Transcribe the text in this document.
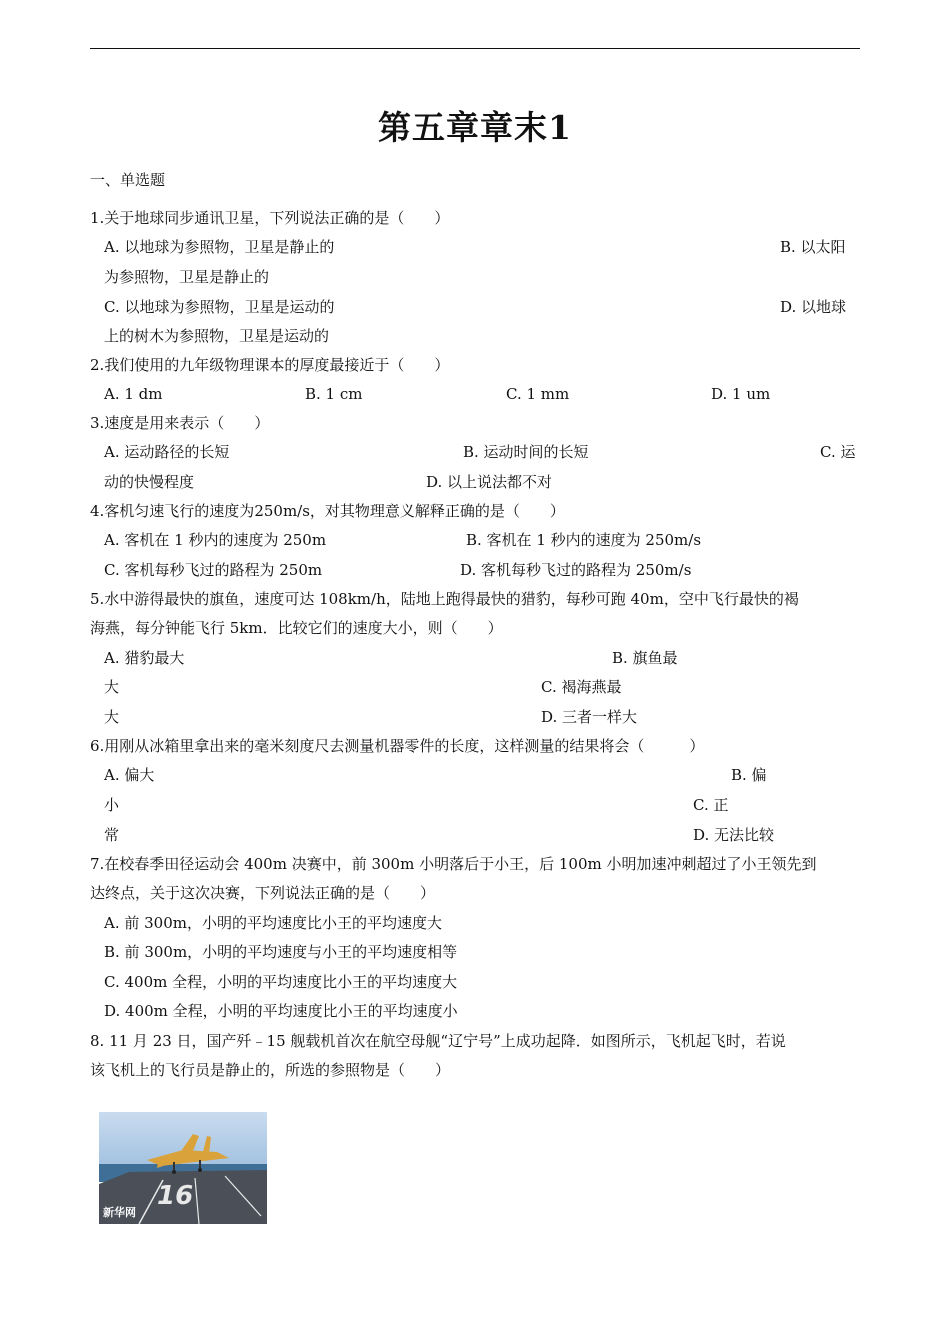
第五章章末1
一、单选题
1.关于地球同步通讯卫星，下列说法正确的是（　　）
A. 以地球为参照物，卫星是静止的	B. 以太阳
为参照物，卫星是静止的
C. 以地球为参照物，卫星是运动的	D. 以地球
上的树木为参照物，卫星是运动的
2.我们使用的九年级物理课本的厚度最接近于（　　）
A. 1 dm	B. 1 cm	C. 1 mm	D. 1 um
3.速度是用来表示（　　）
A. 运动路径的长短	B. 运动时间的长短	C. 运
动的快慢程度	D. 以上说法都不对
4.客机匀速飞行的速度为250m/s，对其物理意义解释正确的是（　　）
A. 客机在 1 秒内的速度为 250m	B. 客机在 1 秒内的速度为 250m/s
C. 客机每秒飞过的路程为 250m	D. 客机每秒飞过的路程为 250m/s
5.水中游得最快的旗鱼，速度可达 108km/h，陆地上跑得最快的猎豹，每秒可跑 40m，空中飞行最快的褐
海燕，每分钟能飞行 5km．比较它们的速度大小，则（　　）
A. 猎豹最大	B. 旗鱼最
大	C. 褐海燕最
大	D. 三者一样大
6.用刚从冰箱里拿出来的毫米刻度尺去测量机器零件的长度，这样测量的结果将会（　　　）
A. 偏大	B. 偏
小	C. 正
常	D. 无法比较
7.在校春季田径运动会 400m 决赛中，前 300m 小明落后于小王，后 100m 小明加速冲刺超过了小王领先到
达终点，关于这次决赛，下列说法正确的是（　　）
A. 前 300m，小明的平均速度比小王的平均速度大
B. 前 300m，小明的平均速度与小王的平均速度相等
C. 400m 全程，小明的平均速度比小王的平均速度大
D. 400m 全程，小明的平均速度比小王的平均速度小
8. 11 月 23 日，国产歼﹣15 舰载机首次在航空母舰“辽宁号”上成功起降．如图所示，飞机起飞时，若说
该飞机上的飞行员是静止的，所选的参照物是（　　）
16
新华网
